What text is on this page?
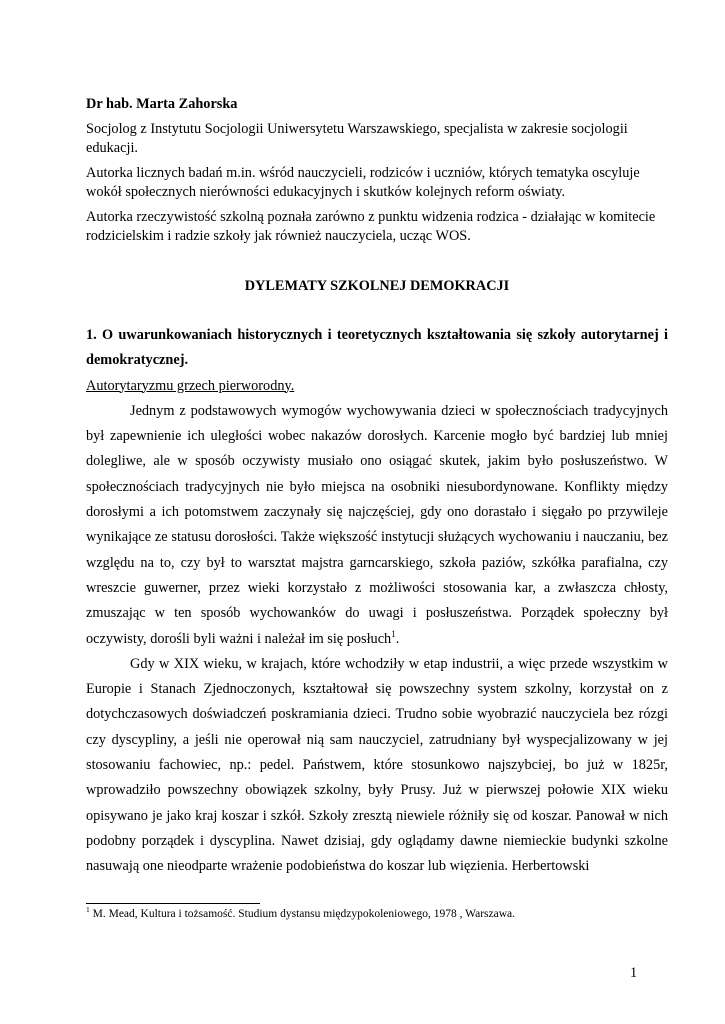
Dr hab. Marta Zahorska

Socjolog z Instytutu Socjologii Uniwersytetu Warszawskiego, specjalista w zakresie socjologii edukacji.

Autorka licznych badań m.in. wśród nauczycieli, rodziców i uczniów, których tematyka oscyluje wokół społecznych nierówności edukacyjnych i skutków kolejnych reform oświaty.

Autorka rzeczywistość szkolną poznała zarówno z punktu widzenia rodzica - działając w komitecie rodzicielskim i radzie szkoły jak również nauczyciela, ucząc WOS.

DYLEMATY SZKOLNEJ DEMOKRACJI

1. O uwarunkowaniach historycznych i teoretycznych kształtowania się szkoły autorytarnej i demokratycznej.

Autorytaryzmu grzech pierworodny.

Jednym z podstawowych wymogów wychowywania dzieci w społecznościach tradycyjnych był zapewnienie ich uległości wobec nakazów dorosłych. Karcenie mogło być bardziej lub mniej dolegliwe, ale w sposób oczywisty musiało ono osiągać skutek, jakim było posłuszeństwo. W społecznościach tradycyjnych nie było miejsca na osobniki niesubordynowane. Konflikty między dorosłymi a ich potomstwem zaczynały się najczęściej, gdy ono dorastało i sięgało po przywileje wynikające ze statusu dorosłości. Także większość instytucji służących wychowaniu i nauczaniu, bez względu na to, czy był to warsztat majstra garncarskiego, szkoła paziów, szkółka parafialna, czy wreszcie guwerner, przez wieki korzystało z możliwości stosowania kar, a zwłaszcza chłosty, zmuszając w ten sposób wychowanków do uwagi i posłuszeństwa. Porządek społeczny był oczywisty, dorośli byli ważni i należał im się posłuch$^1$.

Gdy w XIX wieku, w krajach, które wchodziły w etap industrii, a więc przede wszystkim w Europie i Stanach Zjednoczonych, kształtował się powszechny system szkolny, korzystał on z dotychczasowych doświadczeń poskramiania dzieci. Trudno sobie wyobrazić nauczyciela bez rózgi czy dyscypliny, a jeśli nie operował nią sam nauczyciel, zatrudniany był wyspecjalizowany w jej stosowaniu fachowiec, np.: pedel. Państwem, które stosunkowo najszybciej, bo już w 1825r, wprowadziło powszechny obowiązek szkolny, były Prusy. Już w pierwszej połowie XIX wieku opisywano je jako kraj koszar i szkół. Szkoły zresztą niewiele różniły się od koszar. Panował w nich podobny porządek i dyscyplina. Nawet dzisiaj, gdy oglądamy dawne niemieckie budynki szkolne nasuwają one nieodparte wrażenie podobieństwa do koszar lub więzienia. Herbertowski

$^1$ M. Mead, Kultura i tożsamość. Studium dystansu międzypokoleniowego, 1978 , Warszawa.

1
